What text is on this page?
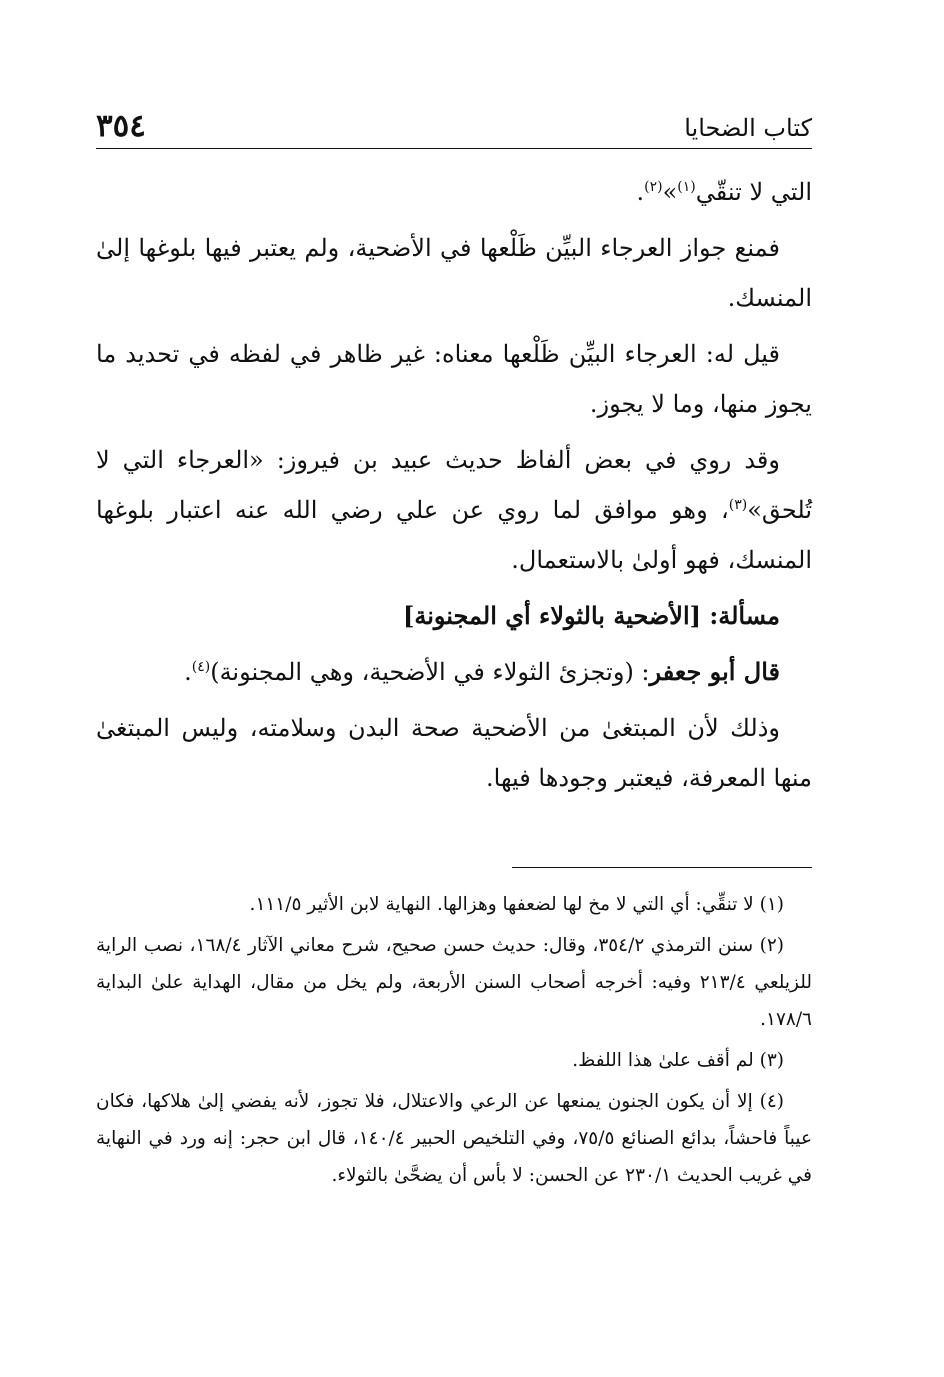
كتاب الضحايا
٣٥٤

التي لا تنقّي$^{(١)}$»$^{(٢)}$.

فمنع جواز العرجاء البيِّن ظَلْعها في الأضحية، ولم يعتبر فيها بلوغها إلىٰ المنسك.

قيل له: العرجاء البيِّن ظَلْعها معناه: غير ظاهر في لفظه في تحديد ما يجوز منها، وما لا يجوز.

وقد روي في بعض ألفاظ حديث عبيد بن فيروز: «العرجاء التي لا تُلحق»$^{(٣)}$، وهو موافق لما روي عن علي رضي الله عنه اعتبار بلوغها المنسك، فهو أولىٰ بالاستعمال.

مسألة: [الأضحية بالثولاء أي المجنونة]

قال أبو جعفر: (وتجزئ الثولاء في الأضحية، وهي المجنونة)$^{(٤)}$.

وذلك لأن المبتغىٰ من الأضحية صحة البدن وسلامته، وليس المبتغىٰ منها المعرفة، فيعتبر وجودها فيها.

(١) لا تنقِّي: أي التي لا مخ لها لضعفها وهزالها. النهاية لابن الأثير ١١١/٥.

(٢) سنن الترمذي ٣٥٤/٢، وقال: حديث حسن صحيح، شرح معاني الآثار ١٦٨/٤، نصب الراية للزيلعي ٢١٣/٤ وفيه: أخرجه أصحاب السنن الأربعة، ولم يخل من مقال، الهداية علىٰ البداية ١٧٨/٦.

(٣) لم أقف علىٰ هذا اللفظ.

(٤) إلا أن يكون الجنون يمنعها عن الرعي والاعتلال، فلا تجوز، لأنه يفضي إلىٰ هلاكها، فكان عيباً فاحشاً، بدائع الصنائع ٧٥/٥، وفي التلخيص الحبير ١٤٠/٤، قال ابن حجر: إنه ورد في النهاية في غريب الحديث ٢٣٠/١ عن الحسن: لا بأس أن يضحَّىٰ بالثولاء.
